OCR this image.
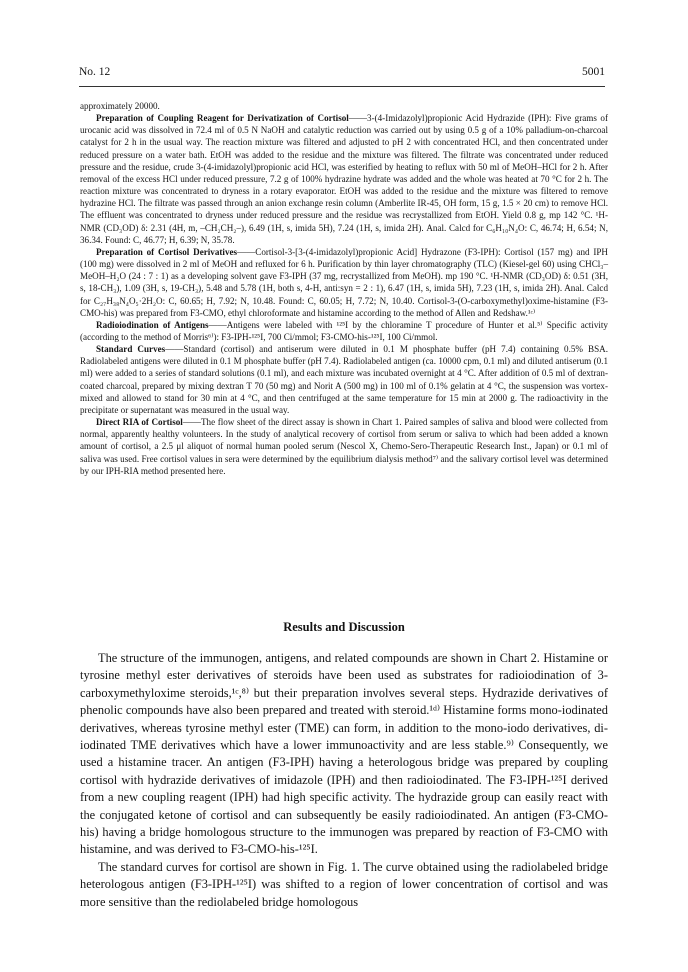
No. 12	5001

approximately 20000.

Preparation of Coupling Reagent for Derivatization of Cortisol——3-(4-Imidazolyl)propionic Acid Hydrazide (IPH): Five grams of urocanic acid was dissolved in 72.4 ml of 0.5 N NaOH and catalytic reduction was carried out by using 0.5 g of a 10% palladium-on-charcoal catalyst for 2 h in the usual way. The reaction mixture was filtered and adjusted to pH 2 with concentrated HCl, and then concentrated under reduced pressure on a water bath. EtOH was added to the residue and the mixture was filtered. The filtrate was concentrated under reduced pressure and the residue, crude 3-(4-imidazolyl)propionic acid HCl, was esterified by heating to reflux with 50 ml of MeOH–HCl for 2 h. After removal of the excess HCl under reduced pressure, 7.2 g of 100% hydrazine hydrate was added and the whole was heated at 70 °C for 2 h. The reaction mixture was concentrated to dryness in a rotary evaporator. EtOH was added to the residue and the mixture was filtered to remove hydrazine HCl. The filtrate was passed through an anion exchange resin column (Amberlite IR-45, OH form, 15 g, 1.5 × 20 cm) to remove HCl. The effluent was concentrated to dryness under reduced pressure and the residue was recrystallized from EtOH. Yield 0.8 g, mp 142 °C. ¹H-NMR (CD₃OD) δ: 2.31 (4H, m, –CH₂CH₂–), 6.49 (1H, s, imida 5H), 7.24 (1H, s, imida 2H). Anal. Calcd for C₆H₁₀N₄O: C, 46.74; H, 6.54; N, 36.34. Found: C, 46.77; H, 6.39; N, 35.78.

Preparation of Cortisol Derivatives——Cortisol-3-[3-(4-imidazolyl)propionic Acid] Hydrazone (F3-IPH): Cortisol (157 mg) and IPH (100 mg) were dissolved in 2 ml of MeOH and refluxed for 6 h. Purification by thin layer chromatography (TLC) (Kiesel-gel 60) using CHCl₃–MeOH–H₂O (24 : 7 : 1) as a developing solvent gave F3-IPH (37 mg, recrystallized from MeOH). mp 190 °C. ¹H-NMR (CD₃OD) δ: 0.51 (3H, s, 18-CH₃), 1.09 (3H, s, 19-CH₃), 5.48 and 5.78 (1H, both s, 4-H, anti:syn = 2 : 1), 6.47 (1H, s, imida 5H), 7.23 (1H, s, imida 2H). Anal. Calcd for C₂₇H₃₈N₄O₅·2H₂O: C, 60.65; H, 7.92; N, 10.48. Found: C, 60.05; H, 7.72; N, 10.40. Cortisol-3-(O-carboxymethyl)oxime-histamine (F3-CMO-his) was prepared from F3-CMO, ethyl chloroformate and histamine according to the method of Allen and Redshaw.¹ᶜ⁾

Radioiodination of Antigens——Antigens were labeled with ¹²⁵I by the chloramine T procedure of Hunter et al.⁵⁾ Specific activity (according to the method of Morris⁶⁾): F3-IPH-¹²⁵I, 700 Ci/mmol; F3-CMO-his-¹²⁵I, 100 Ci/mmol.

Standard Curves——Standard (cortisol) and antiserum were diluted in 0.1 M phosphate buffer (pH 7.4) containing 0.5% BSA. Radiolabeled antigens were diluted in 0.1 M phosphate buffer (pH 7.4). Radiolabeled antigen (ca. 10000 cpm, 0.1 ml) and diluted antiserum (0.1 ml) were added to a series of standard solutions (0.1 ml), and each mixture was incubated overnight at 4 °C. After addition of 0.5 ml of dextran-coated charcoal, prepared by mixing dextran T 70 (50 mg) and Norit A (500 mg) in 100 ml of 0.1% gelatin at 4 °C, the suspension was vortex-mixed and allowed to stand for 30 min at 4 °C, and then centrifuged at the same temperature for 15 min at 2000 g. The radioactivity in the precipitate or supernatant was measured in the usual way.

Direct RIA of Cortisol——The flow sheet of the direct assay is shown in Chart 1. Paired samples of saliva and blood were collected from normal, apparently healthy volunteers. In the study of analytical recovery of cortisol from serum or saliva to which had been added a known amount of cortisol, a 2.5 μl aliquot of normal human pooled serum (Nescol X, Chemo-Sero-Therapeutic Research Inst., Japan) or 0.1 ml of saliva was used. Free cortisol values in sera were determined by the equilibrium dialysis method⁷⁾ and the salivary cortisol level was determined by our IPH-RIA method presented here.

Results and Discussion

The structure of the immunogen, antigens, and related compounds are shown in Chart 2. Histamine or tyrosine methyl ester derivatives of steroids have been used as substrates for radioiodination of 3-carboxymethyloxime steroids,¹ᶜ,⁸⁾ but their preparation involves several steps. Hydrazide derivatives of phenolic compounds have also been prepared and treated with steroid.¹ᵈ⁾ Histamine forms mono-iodinated derivatives, whereas tyrosine methyl ester (TME) can form, in addition to the mono-iodo derivatives, di-iodinated TME derivatives which have a lower immunoactivity and are less stable.⁹⁾ Consequently, we used a histamine tracer. An antigen (F3-IPH) having a heterologous bridge was prepared by coupling cortisol with hydrazide derivatives of imidazole (IPH) and then radioiodinated. The F3-IPH-¹²⁵I derived from a new coupling reagent (IPH) had high specific activity. The hydrazide group can easily react with the conjugated ketone of cortisol and can subsequently be easily radioiodinated. An antigen (F3-CMO-his) having a bridge homologous structure to the immunogen was prepared by reaction of F3-CMO with histamine, and was derived to F3-CMO-his-¹²⁵I.

The standard curves for cortisol are shown in Fig. 1. The curve obtained using the radiolabeled bridge heterologous antigen (F3-IPH-¹²⁵I) was shifted to a region of lower concentration of cortisol and was more sensitive than the rediolabeled bridge homologous
